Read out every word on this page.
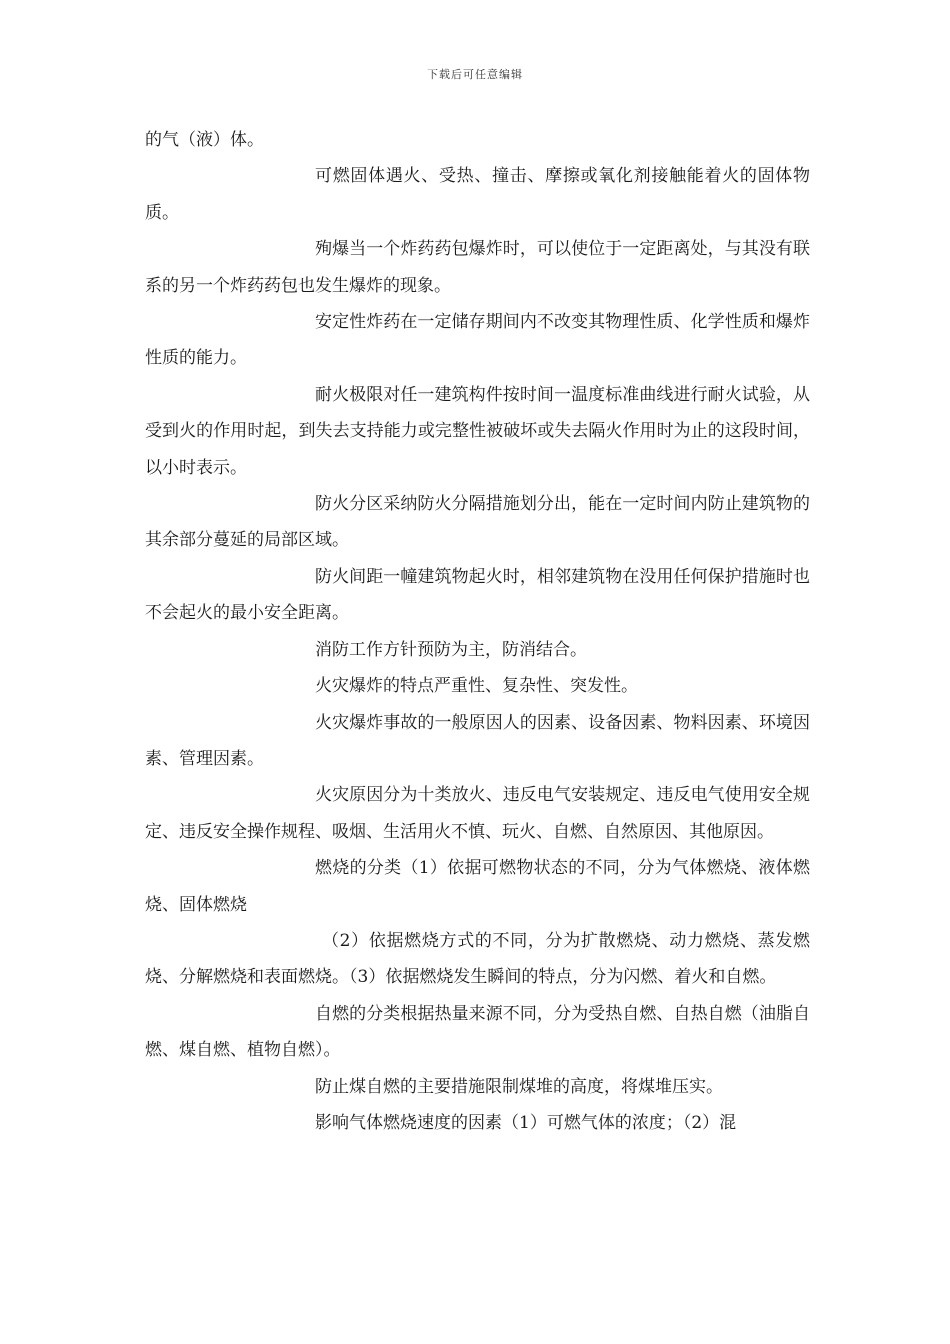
下载后可任意编辑

的气（液）体。

可燃固体遇火、受热、撞击、摩擦或氧化剂接触能着火的固体物质。

殉爆当一个炸药药包爆炸时，可以使位于一定距离处，与其没有联系的另一个炸药药包也发生爆炸的现象。

安定性炸药在一定储存期间内不改变其物理性质、化学性质和爆炸性质的能力。

耐火极限对任一建筑构件按时间一温度标准曲线进行耐火试验，从受到火的作用时起，到失去支持能力或完整性被破坏或失去隔火作用时为止的这段时间，以小时表示。

防火分区采纳防火分隔措施划分出，能在一定时间内防止建筑物的其余部分蔓延的局部区域。

防火间距一幢建筑物起火时，相邻建筑物在没用任何保护措施时也不会起火的最小安全距离。

消防工作方针预防为主，防消结合。

火灾爆炸的特点严重性、复杂性、突发性。

火灾爆炸事故的一般原因人的因素、设备因素、物料因素、环境因素、管理因素。

火灾原因分为十类放火、违反电气安装规定、违反电气使用安全规定、违反安全操作规程、吸烟、生活用火不慎、玩火、自燃、自然原因、其他原因。

燃烧的分类（1）依据可燃物状态的不同，分为气体燃烧、液体燃烧、固体燃烧

（2）依据燃烧方式的不同，分为扩散燃烧、动力燃烧、蒸发燃烧、分解燃烧和表面燃烧。（3）依据燃烧发生瞬间的特点，分为闪燃、着火和自燃。

自燃的分类根据热量来源不同，分为受热自燃、自热自燃（油脂自燃、煤自燃、植物自燃）。

防止煤自燃的主要措施限制煤堆的高度，将煤堆压实。

影响气体燃烧速度的因素（1）可燃气体的浓度；（2）混
